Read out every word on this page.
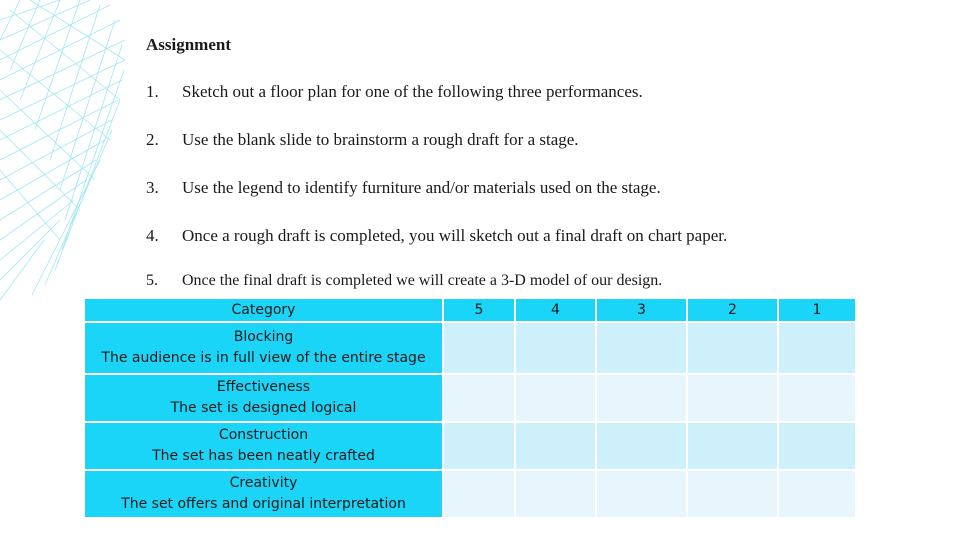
Assignment
1.	Sketch out a floor plan for one of the following three performances.
2.	Use the blank slide to brainstorm a rough draft for a stage.
3.	Use the legend to identify furniture and/or materials used on the stage.
4.	Once a rough draft is completed, you will sketch out a final draft on chart paper.
5.	Once the final draft is completed we will create a 3-D model of our design.
Category	5	4	3	2	1

Blocking
The audience is in full view of the entire stage					

Effectiveness
The set is designed logical					

Construction
The set has been neatly crafted					

Creativity
The set offers and original interpretation					
